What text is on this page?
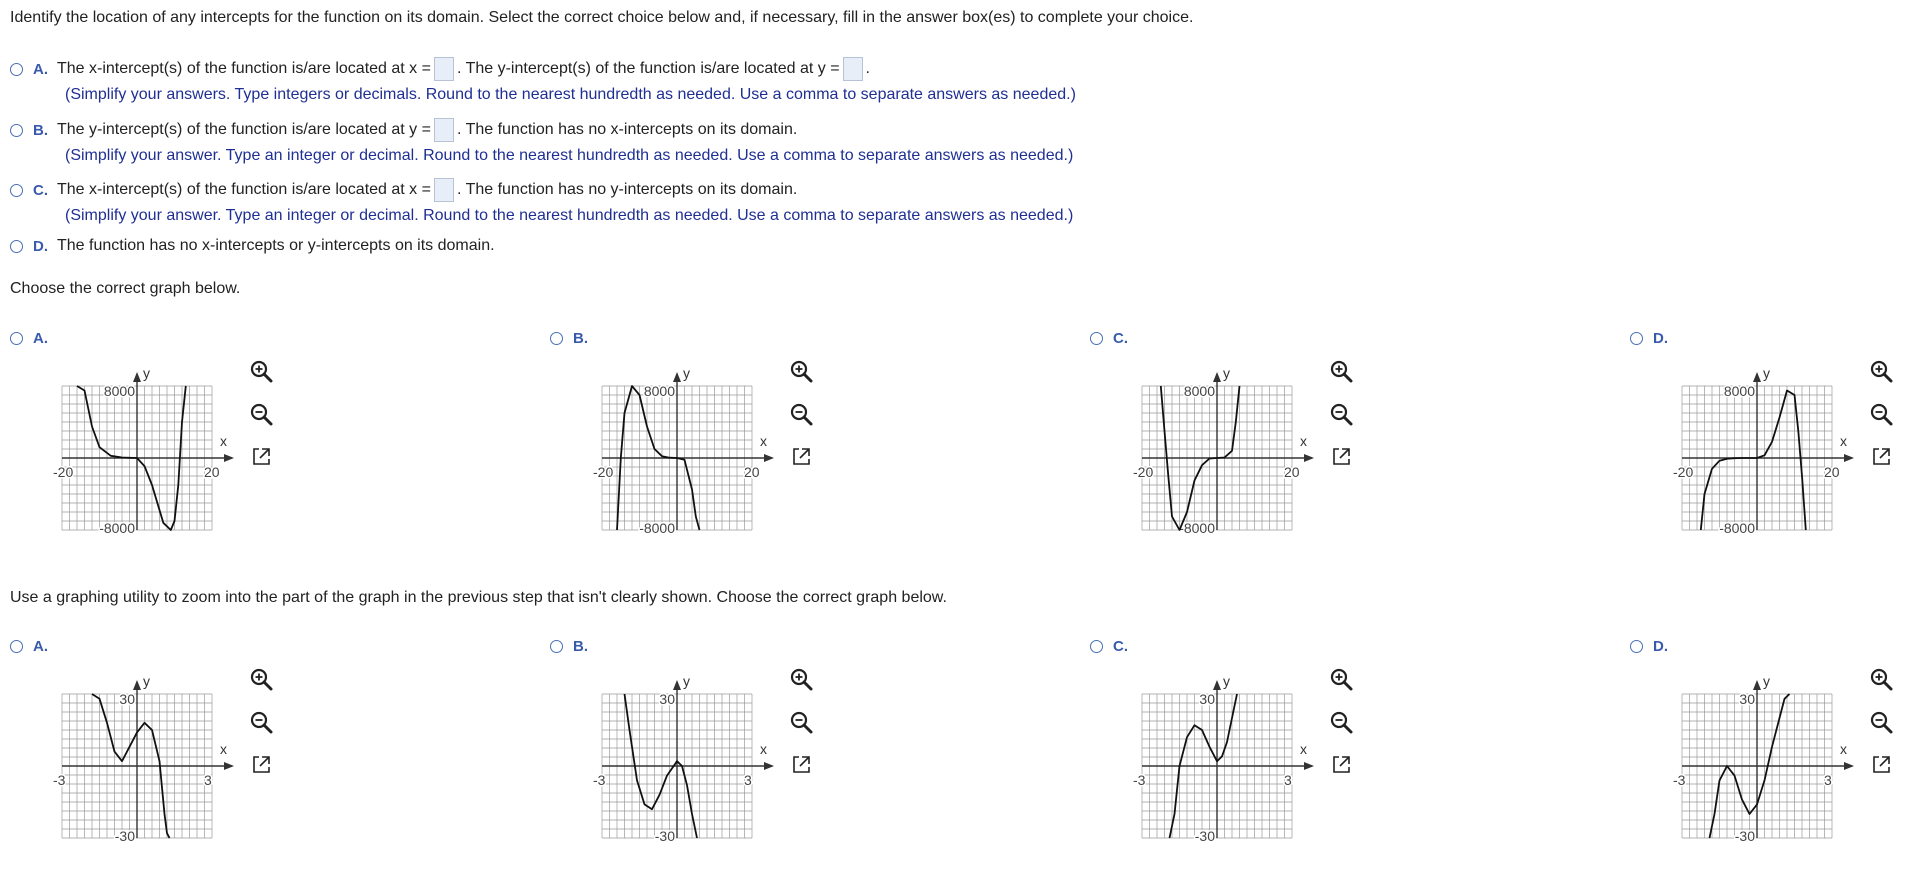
Identify the location of any intercepts for the function on its domain. Select the correct choice below and, if necessary, fill in the answer box(es) to complete your choice.
A. The x-intercept(s) of the function is/are located at x = . The y-intercept(s) of the function is/are located at y = .
(Simplify your answers. Type integers or decimals. Round to the nearest hundredth as needed. Use a comma to separate answers as needed.)
B. The y-intercept(s) of the function is/are located at y = . The function has no x-intercepts on its domain.
(Simplify your answer. Type an integer or decimal. Round to the nearest hundredth as needed. Use a comma to separate answers as needed.)
C. The x-intercept(s) of the function is/are located at x = . The function has no y-intercepts on its domain.
(Simplify your answer. Type an integer or decimal. Round to the nearest hundredth as needed. Use a comma to separate answers as needed.)
D. The function has no x-intercepts or y-intercepts on its domain.
Choose the correct graph below.
Use a graphing utility to zoom into the part of the graph in the previous step that isn't clearly shown. Choose the correct graph below.
A.
y
x
-20	20
8000
-8000
B.
y
x
-20	20
8000
-8000
C.
y
x
-20	20
8000
-8000
D.
y
x
-20	20
8000
-8000
A.
y
x
-3	3
30
-30
B.
y
x
-3	3
30
-30
C.
y
x
-3	3
30
-30
D.
y
x
-3	3
30
-30
